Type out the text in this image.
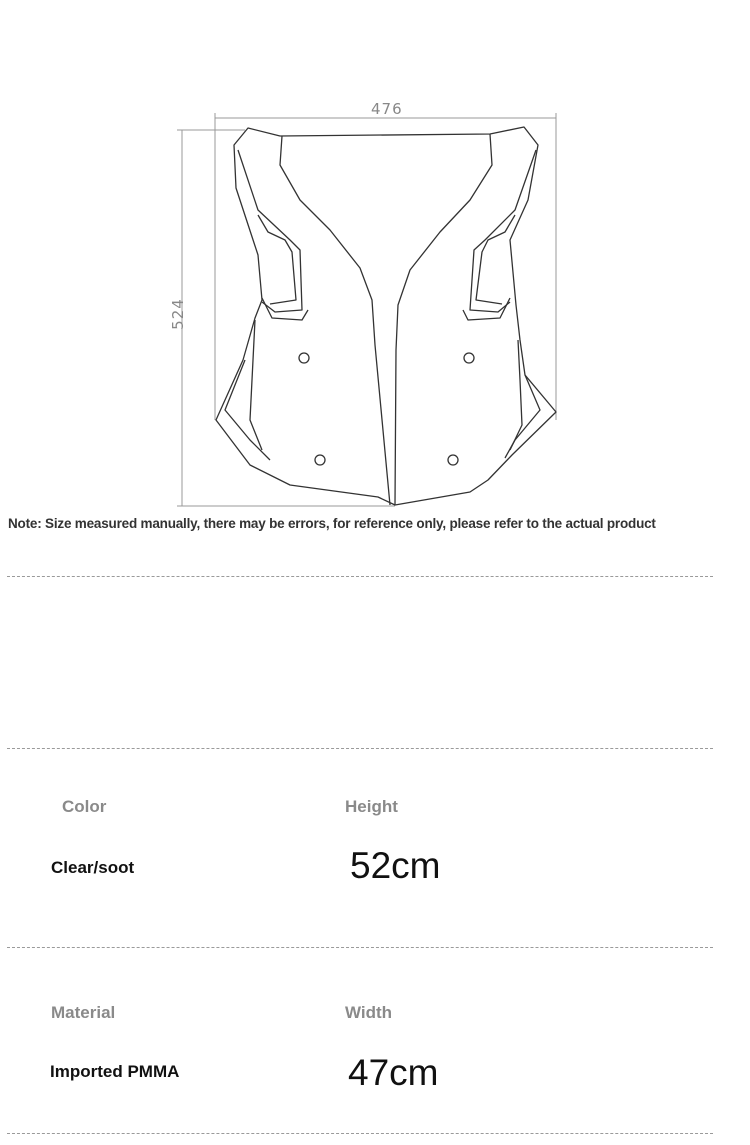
476
524
Note: Size measured manually, there may be errors, for reference only, please refer to the actual product
Color	Height
Clear/soot	52cm
Material	Width
Imported PMMA	47cm
